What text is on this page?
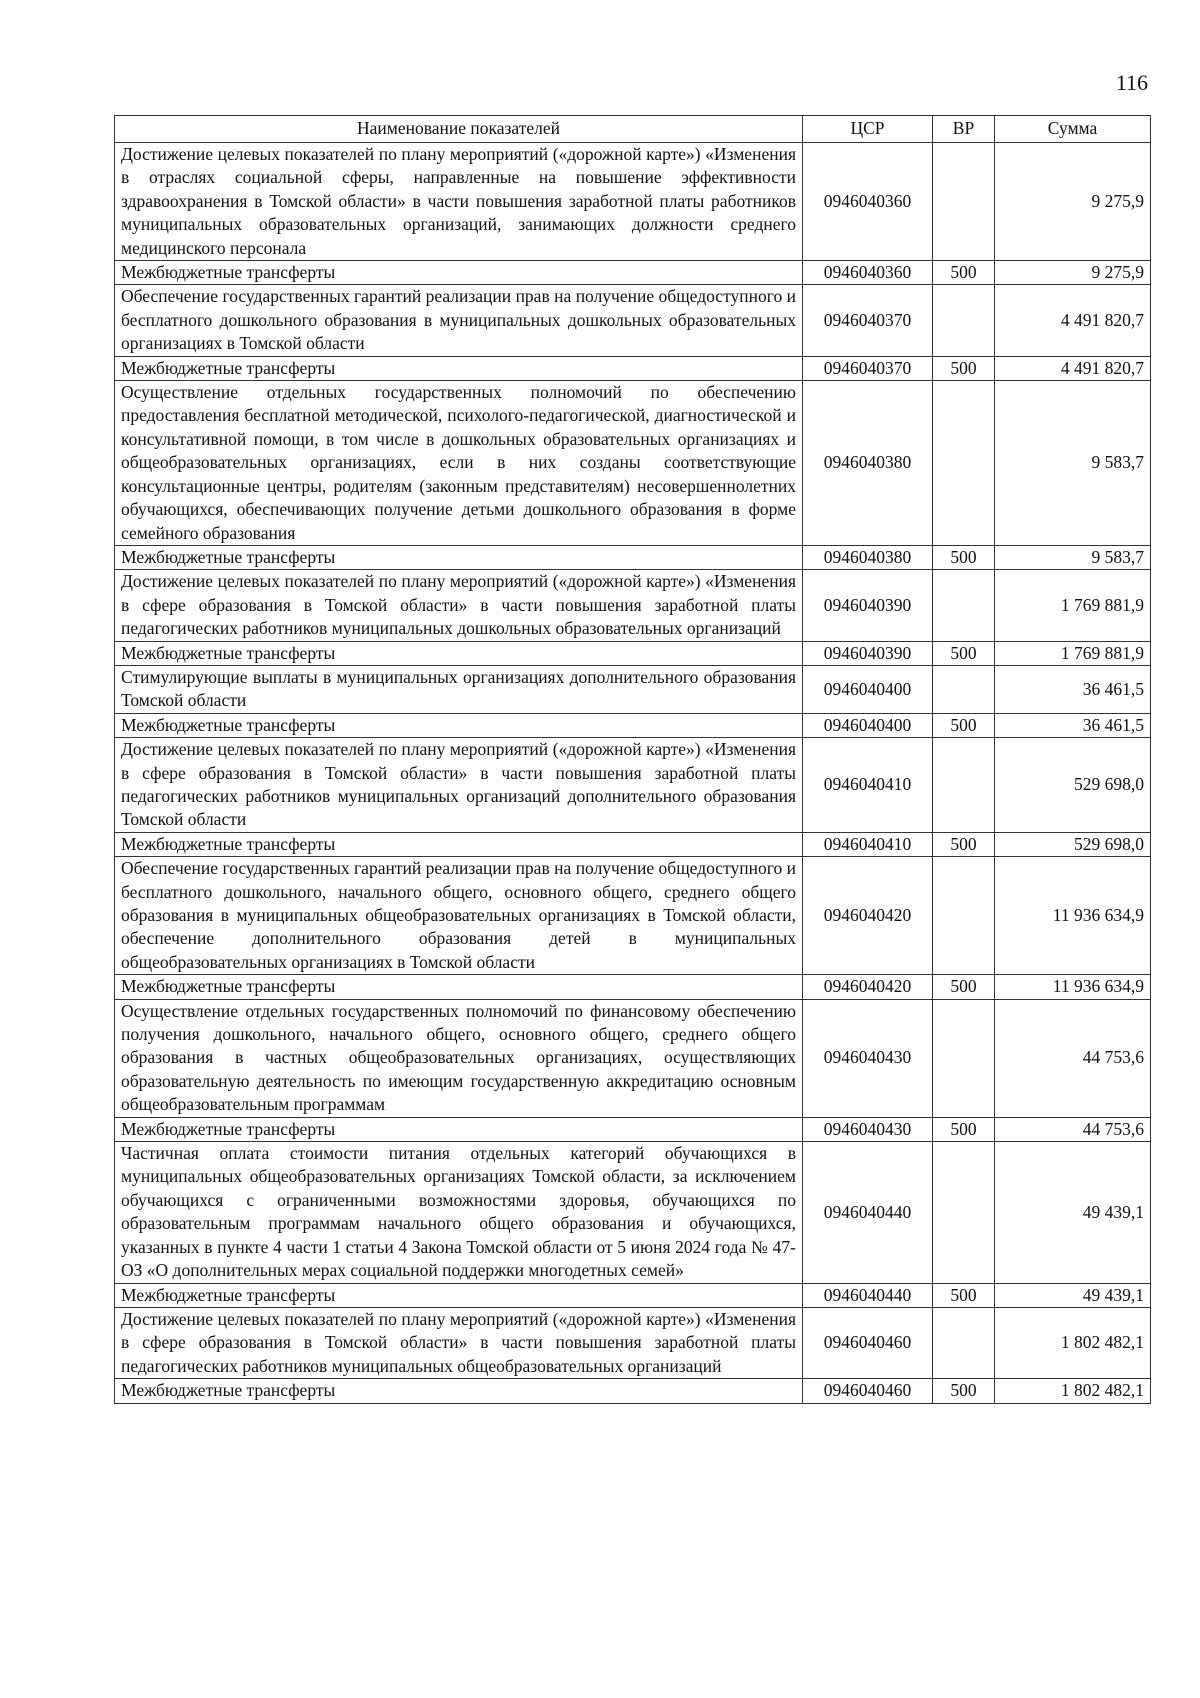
116
Наименование показателей	ЦСР	ВР	Сумма
Достижение целевых показателей по плану мероприятий («дорожной карте») «Изменения в отраслях социальной сферы, направленные на повышение эффективности здравоохранения в Томской области» в части повышения заработной платы работников муниципальных образовательных организаций, занимающих должности среднего медицинского персонала	0946040360		9 275,9
Межбюджетные трансферты	0946040360	500	9 275,9
Обеспечение государственных гарантий реализации прав на получение общедоступного и бесплатного дошкольного образования в муниципальных дошкольных образовательных организациях в Томской области	0946040370		4 491 820,7
Межбюджетные трансферты	0946040370	500	4 491 820,7
Осуществление отдельных государственных полномочий по обеспечению предоставления бесплатной методической, психолого-педагогической, диагностической и консультативной помощи, в том числе в дошкольных образовательных организациях и общеобразовательных организациях, если в них созданы соответствующие консультационные центры, родителям (законным представителям) несовершеннолетних обучающихся, обеспечивающих получение детьми дошкольного образования в форме семейного образования	0946040380		9 583,7
Межбюджетные трансферты	0946040380	500	9 583,7
Достижение целевых показателей по плану мероприятий («дорожной карте») «Изменения в сфере образования в Томской области» в части повышения заработной платы педагогических работников муниципальных дошкольных образовательных организаций	0946040390		1 769 881,9
Межбюджетные трансферты	0946040390	500	1 769 881,9
Стимулирующие выплаты в муниципальных организациях дополнительного образования Томской области	0946040400		36 461,5
Межбюджетные трансферты	0946040400	500	36 461,5
Достижение целевых показателей по плану мероприятий («дорожной карте») «Изменения в сфере образования в Томской области» в части повышения заработной платы педагогических работников муниципальных организаций дополнительного образования Томской области	0946040410		529 698,0
Межбюджетные трансферты	0946040410	500	529 698,0
Обеспечение государственных гарантий реализации прав на получение общедоступного и бесплатного дошкольного, начального общего, основного общего, среднего общего образования в муниципальных общеобразовательных организациях в Томской области, обеспечение дополнительного образования детей в муниципальных общеобразовательных организациях в Томской области	0946040420		11 936 634,9
Межбюджетные трансферты	0946040420	500	11 936 634,9
Осуществление отдельных государственных полномочий по финансовому обеспечению получения дошкольного, начального общего, основного общего, среднего общего образования в частных общеобразовательных организациях, осуществляющих образовательную деятельность по имеющим государственную аккредитацию основным общеобразовательным программам	0946040430		44 753,6
Межбюджетные трансферты	0946040430	500	44 753,6
Частичная оплата стоимости питания отдельных категорий обучающихся в муниципальных общеобразовательных организациях Томской области, за исключением обучающихся с ограниченными возможностями здоровья, обучающихся по образовательным программам начального общего образования и обучающихся, указанных в пункте 4 части 1 статьи 4 Закона Томской области от 5 июня 2024 года № 47-ОЗ «О дополнительных мерах социальной поддержки многодетных семей»	0946040440		49 439,1
Межбюджетные трансферты	0946040440	500	49 439,1
Достижение целевых показателей по плану мероприятий («дорожной карте») «Изменения в сфере образования в Томской области» в части повышения заработной платы педагогических работников муниципальных общеобразовательных организаций	0946040460		1 802 482,1
Межбюджетные трансферты	0946040460	500	1 802 482,1
